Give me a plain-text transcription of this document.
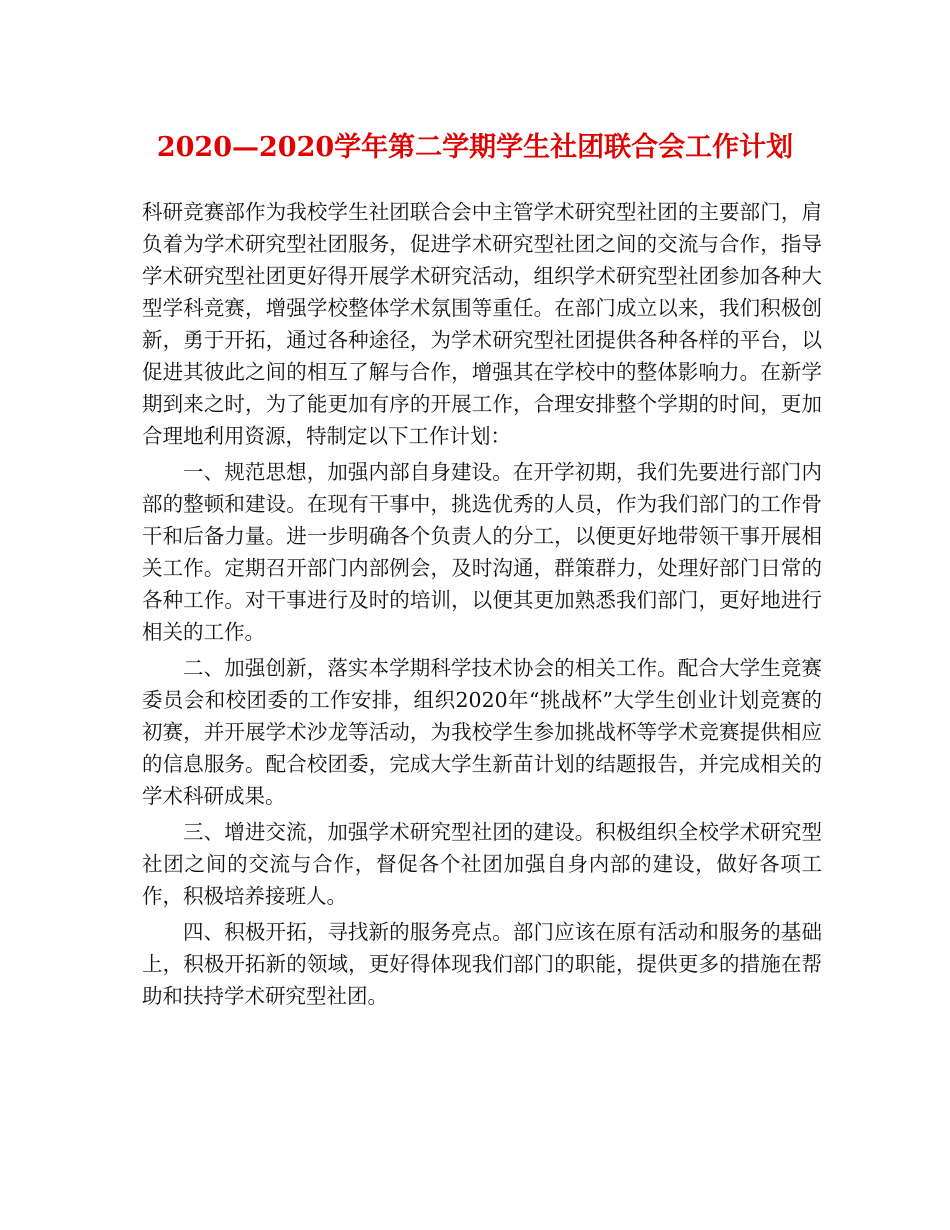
2020—2020学年第二学期学生社团联合会工作计划

科研竞赛部作为我校学生社团联合会中主管学术研究型社团的主要部门，肩负着为学术研究型社团服务，促进学术研究型社团之间的交流与合作，指导学术研究型社团更好得开展学术研究活动，组织学术研究型社团参加各种大型学科竞赛，增强学校整体学术氛围等重任。在部门成立以来，我们积极创新，勇于开拓，通过各种途径，为学术研究型社团提供各种各样的平台，以促进其彼此之间的相互了解与合作，增强其在学校中的整体影响力。在新学期到来之时，为了能更加有序的开展工作，合理安排整个学期的时间，更加合理地利用资源，特制定以下工作计划：

一、规范思想，加强内部自身建设。在开学初期，我们先要进行部门内部的整顿和建设。在现有干事中，挑选优秀的人员，作为我们部门的工作骨干和后备力量。进一步明确各个负责人的分工，以便更好地带领干事开展相关工作。定期召开部门内部例会，及时沟通，群策群力，处理好部门日常的各种工作。对干事进行及时的培训，以便其更加熟悉我们部门，更好地进行相关的工作。

二、加强创新，落实本学期科学技术协会的相关工作。配合大学生竞赛委员会和校团委的工作安排，组织2020年“挑战杯”大学生创业计划竞赛的初赛，并开展学术沙龙等活动，为我校学生参加挑战杯等学术竞赛提供相应的信息服务。配合校团委，完成大学生新苗计划的结题报告，并完成相关的学术科研成果。

三、增进交流，加强学术研究型社团的建设。积极组织全校学术研究型社团之间的交流与合作，督促各个社团加强自身内部的建设，做好各项工作，积极培养接班人。

四、积极开拓，寻找新的服务亮点。部门应该在原有活动和服务的基础上，积极开拓新的领域，更好得体现我们部门的职能，提供更多的措施在帮助和扶持学术研究型社团。
